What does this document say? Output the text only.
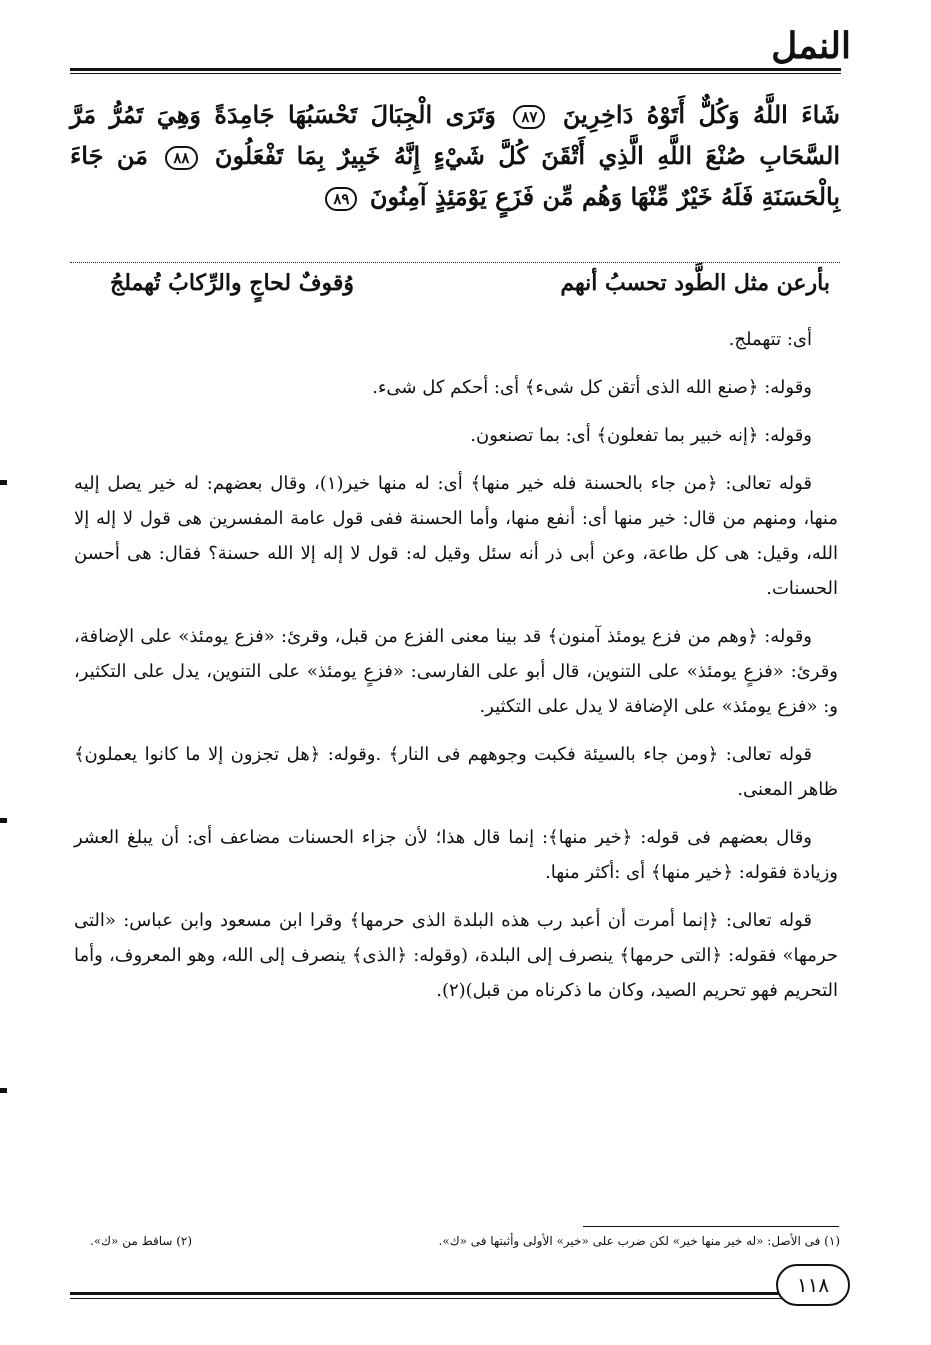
النمل
شَاءَ اللَّهُ وَكُلٌّ أَتَوْهُ دَاخِرِينَ ٨٧ وَتَرَى الْجِبَالَ تَحْسَبُهَا جَامِدَةً وَهِيَ تَمُرُّ مَرَّ السَّحَابِ صُنْعَ اللَّهِ الَّذِي أَتْقَنَ كُلَّ شَيْءٍ إِنَّهُ خَبِيرٌ بِمَا تَفْعَلُونَ ٨٨ مَن جَاءَ بِالْحَسَنَةِ فَلَهُ خَيْرٌ مِّنْهَا وَهُم مِّن فَزَعٍ يَوْمَئِذٍ آمِنُونَ ٨٩
بأرعن مثل الطَّود تحسبُ أنهم
وُقوفٌ لحاجٍ والرِّكابُ تُهملجُ

أى: تتهملج.

وقوله: ﴿صنع الله الذى أتقن كل شىء﴾ أى: أحكم كل شىء.

وقوله: ﴿إنه خبير بما تفعلون﴾ أى: بما تصنعون.

قوله تعالى: ﴿من جاء بالحسنة فله خير منها﴾ أى: له منها خير(١)، وقال بعضهم: له خير يصل إليه منها، ومنهم من قال: خير منها أى: أنفع منها، وأما الحسنة ففى قول عامة المفسرين هى قول لا إله إلا الله، وقيل: هى كل طاعة، وعن أبى ذر أنه سئل وقيل له: قول لا إله إلا الله حسنة؟ فقال: هى أحسن الحسنات.

وقوله: ﴿وهم من فزع يومئذ آمنون﴾ قد بينا معنى الفزع من قبل، وقرئ: «فزع يومئذ» على الإضافة، وقرئ: «فزعٍ يومئذ» على التنوين، قال أبو على الفارسى: «فزعٍ يومئذ» على التنوين، يدل على التكثير، و: «فزع يومئذ» على الإضافة لا يدل على التكثير.

قوله تعالى: ﴿ومن جاء بالسيئة فكبت وجوههم فى النار﴾ .وقوله: ﴿هل تجزون إلا ما كانوا يعملون﴾ ظاهر المعنى.

وقال بعضهم فى قوله: ﴿خير منها﴾: إنما قال هذا؛ لأن جزاء الحسنات مضاعف أى: أن يبلغ العشر وزيادة فقوله: ﴿خير منها﴾ أى :أكثر منها.

قوله تعالى: ﴿إنما أمرت أن أعبد رب هذه البلدة الذى حرمها﴾ وقرا ابن مسعود وابن عباس: «التى حرمها» فقوله: ﴿التى حرمها﴾ ينصرف إلى البلدة، (وقوله: ﴿الذى﴾ ينصرف إلى الله، وهو المعروف، وأما التحريم فهو تحريم الصيد، وكان ما ذكرناه من قبل)(٢).

(١) فى الأصل: «له خير منها خير» لكن ضرب على «خير» الأولى وأثبتها فى «ك».
(٢) ساقط من «ك».
١١٨
